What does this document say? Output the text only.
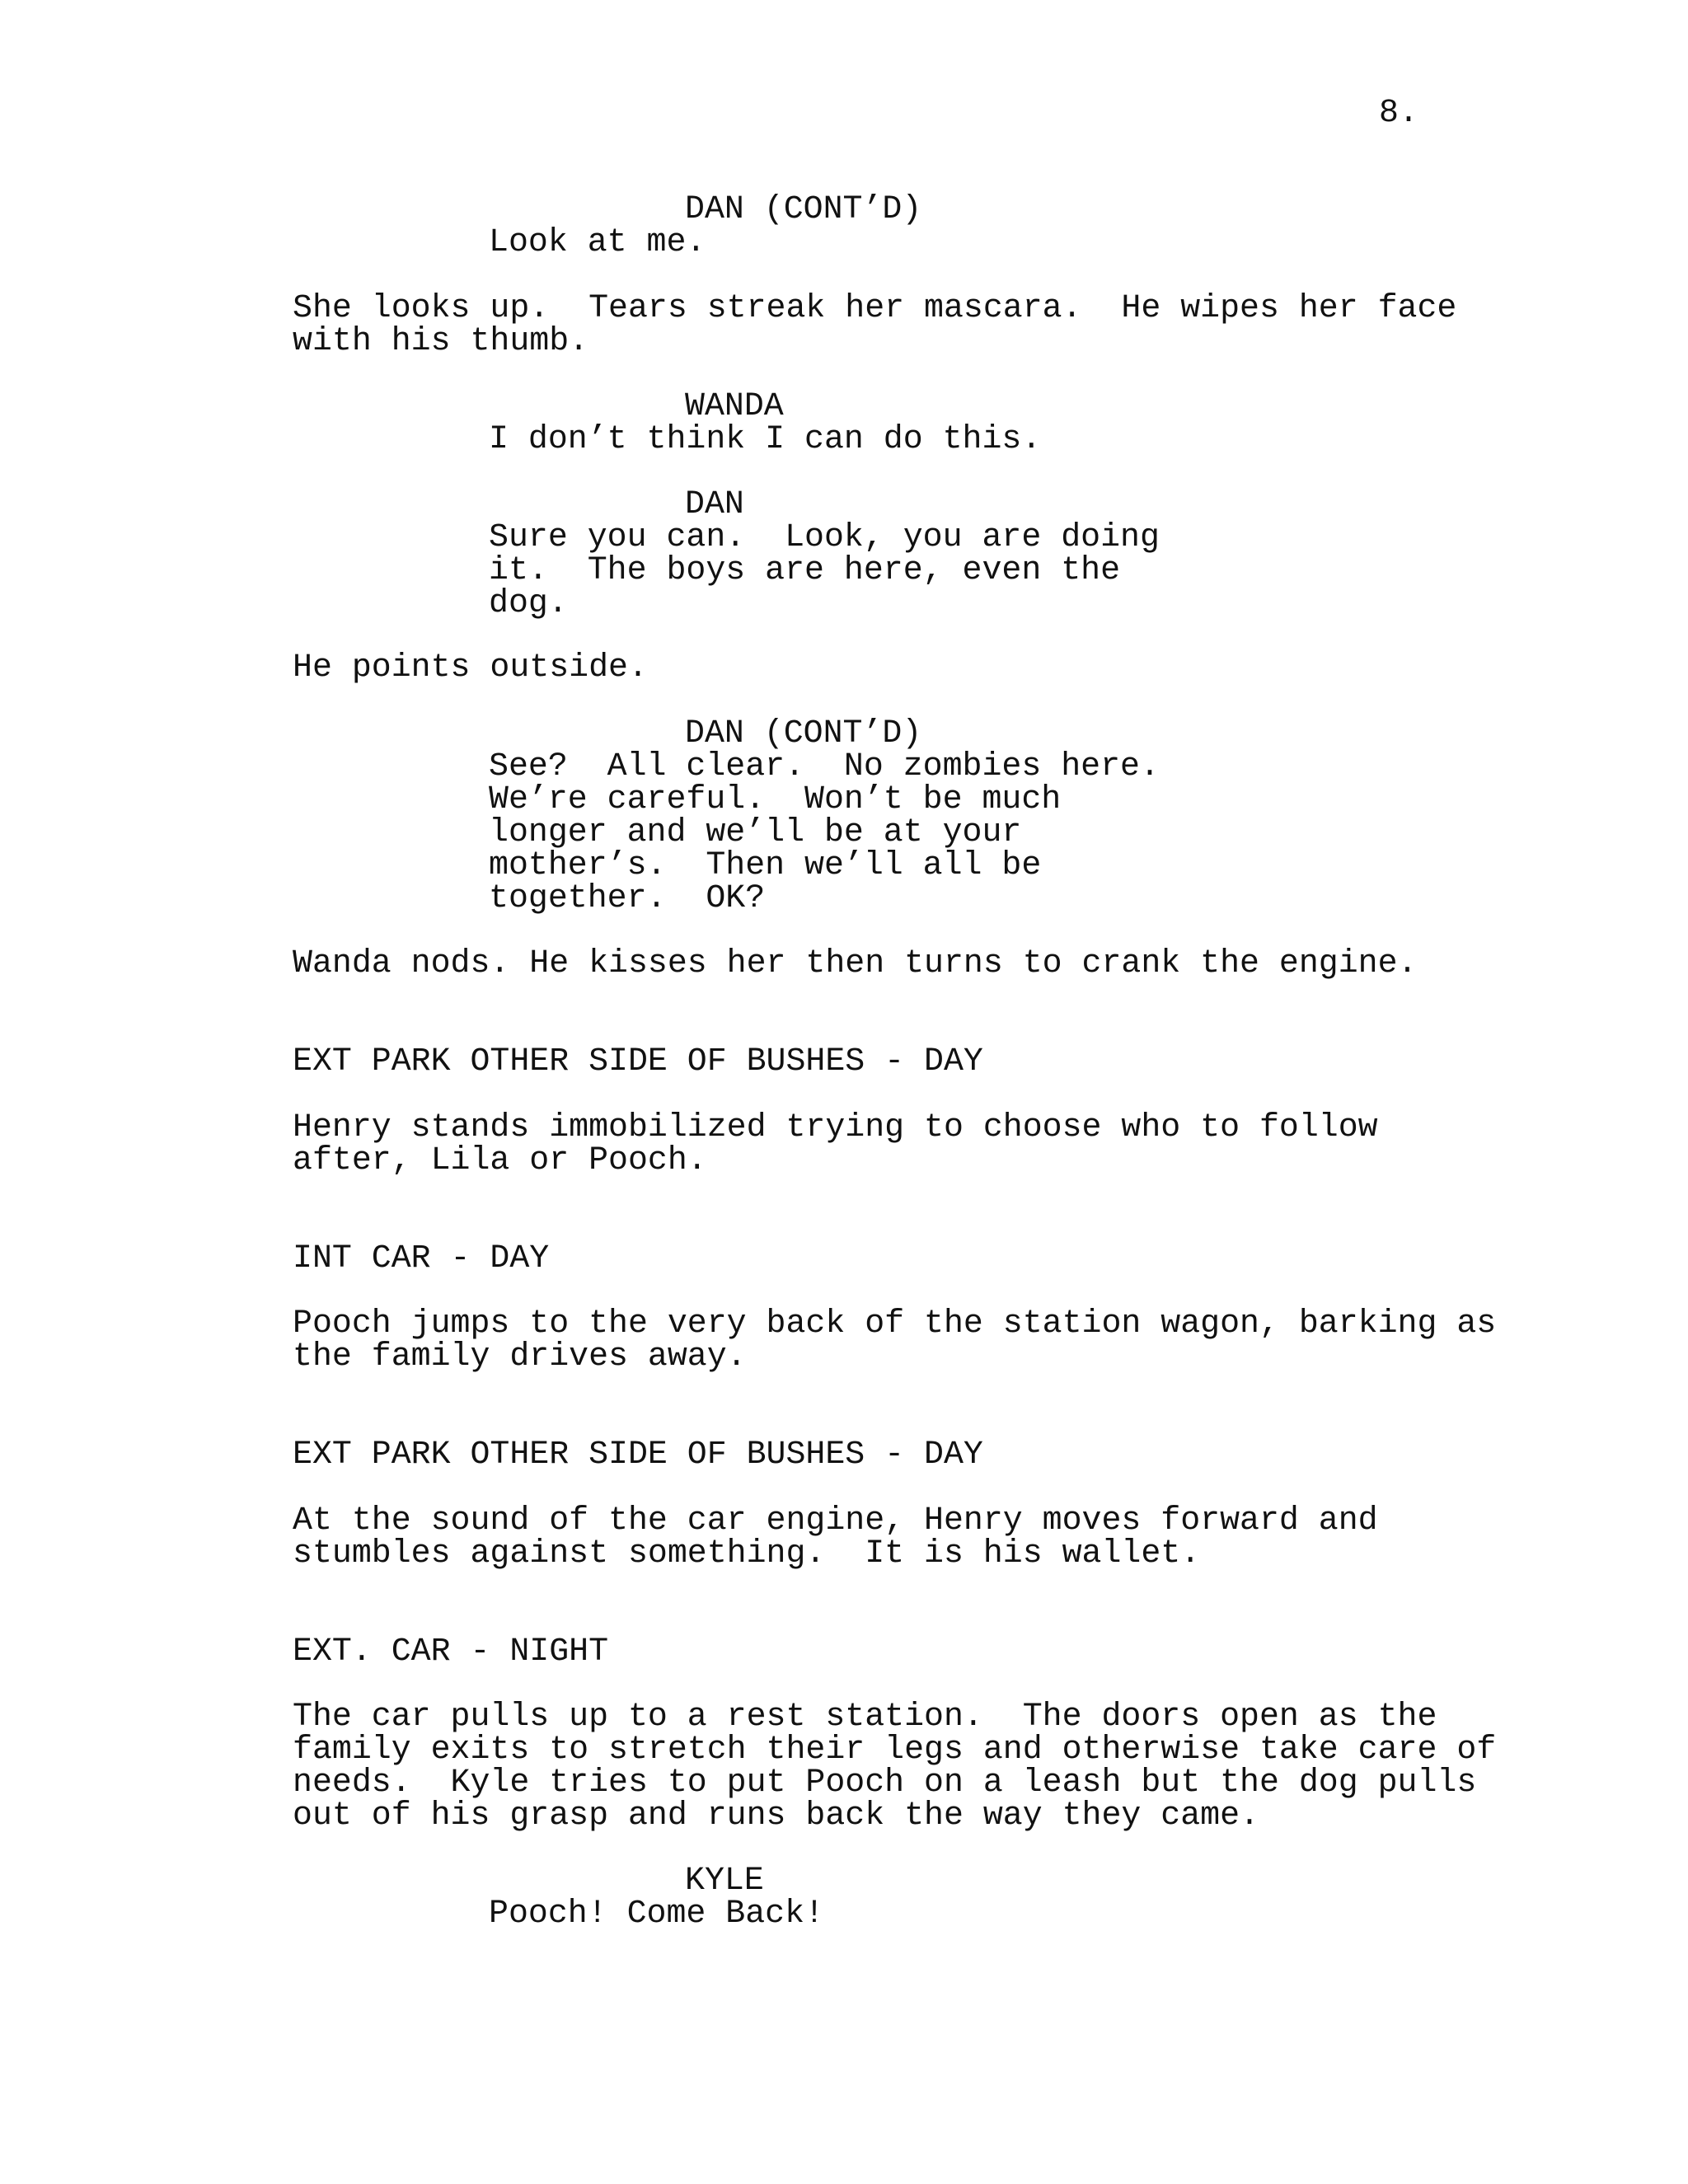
8.
DAN (CONT’D)
Look at me.
She looks up.  Tears streak her mascara.  He wipes her face
with his thumb.
WANDA
I don’t think I can do this.
DAN
Sure you can.  Look, you are doing
it.  The boys are here, even the
dog.
He points outside.
DAN (CONT’D)
See?  All clear.  No zombies here.
We’re careful.  Won’t be much
longer and we’ll be at your
mother’s.  Then we’ll all be
together.  OK?
Wanda nods. He kisses her then turns to crank the engine.
EXT PARK OTHER SIDE OF BUSHES - DAY
Henry stands immobilized trying to choose who to follow
after, Lila or Pooch.
INT CAR - DAY
Pooch jumps to the very back of the station wagon, barking as
the family drives away.
EXT PARK OTHER SIDE OF BUSHES - DAY
At the sound of the car engine, Henry moves forward and
stumbles against something.  It is his wallet.
EXT. CAR - NIGHT
The car pulls up to a rest station.  The doors open as the
family exits to stretch their legs and otherwise take care of
needs.  Kyle tries to put Pooch on a leash but the dog pulls
out of his grasp and runs back the way they came.
KYLE
Pooch! Come Back!
